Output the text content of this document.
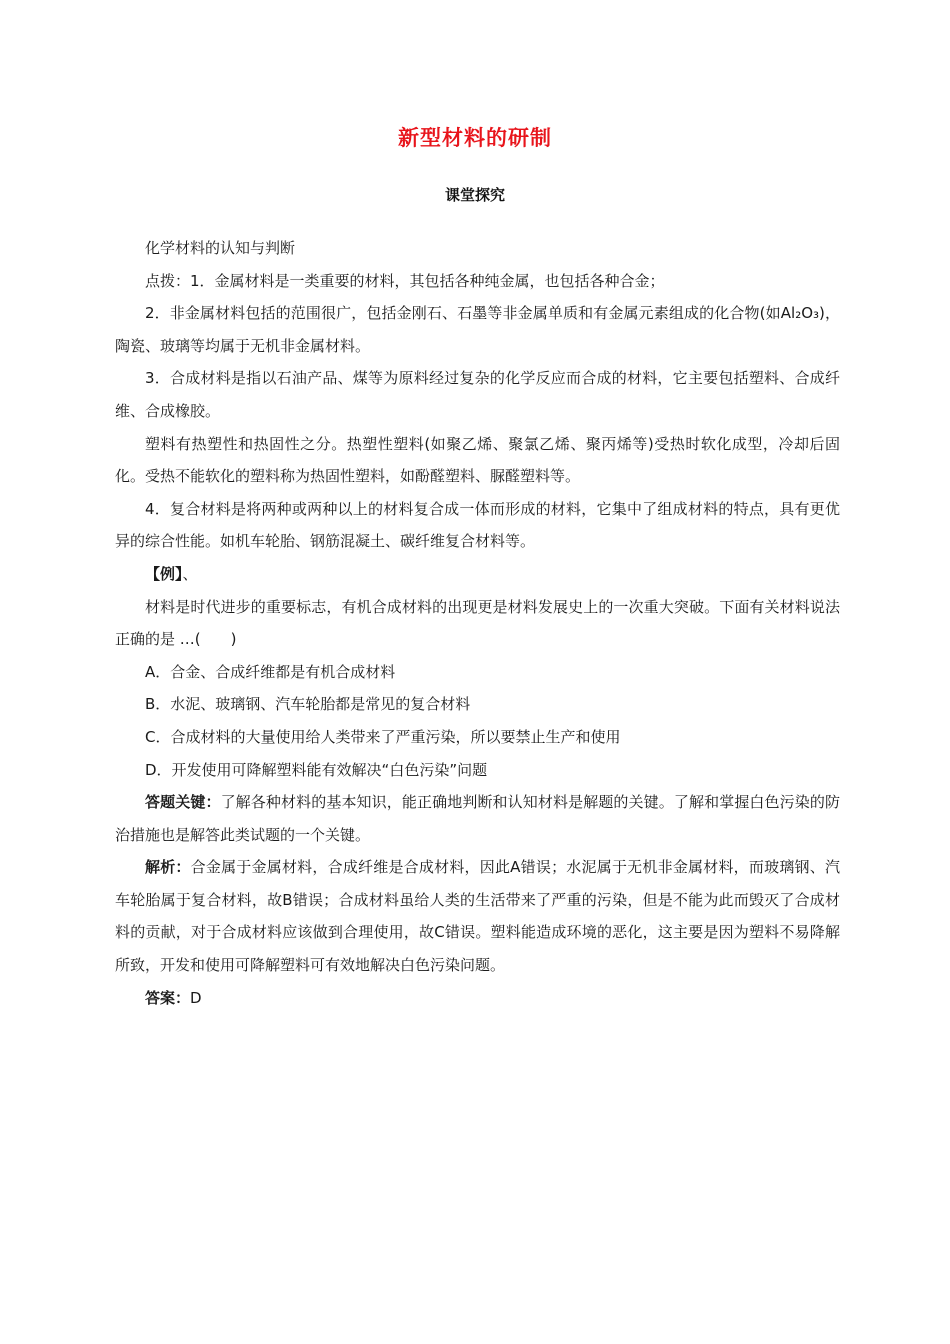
新型材料的研制
课堂探究

化学材料的认知与判断

点拨：1．金属材料是一类重要的材料，其包括各种纯金属，也包括各种合金；

2．非金属材料包括的范围很广，包括金刚石、石墨等非金属单质和有金属元素组成的化合物(如Al₂O₃)，陶瓷、玻璃等均属于无机非金属材料。

3．合成材料是指以石油产品、煤等为原料经过复杂的化学反应而合成的材料，它主要包括塑料、合成纤维、合成橡胶。

塑料有热塑性和热固性之分。热塑性塑料(如聚乙烯、聚氯乙烯、聚丙烯等)受热时软化成型，冷却后固化。受热不能软化的塑料称为热固性塑料，如酚醛塑料、脲醛塑料等。

4．复合材料是将两种或两种以上的材料复合成一体而形成的材料，它集中了组成材料的特点，具有更优异的综合性能。如机车轮胎、钢筋混凝土、碳纤维复合材料等。

【例】、

材料是时代进步的重要标志，有机合成材料的出现更是材料发展史上的一次重大突破。下面有关材料说法正确的是 …(　　)

A．合金、合成纤维都是有机合成材料

B．水泥、玻璃钢、汽车轮胎都是常见的复合材料

C．合成材料的大量使用给人类带来了严重污染，所以要禁止生产和使用

D．开发使用可降解塑料能有效解决“白色污染”问题

答题关键：了解各种材料的基本知识，能正确地判断和认知材料是解题的关键。了解和掌握白色污染的防治措施也是解答此类试题的一个关键。

解析：合金属于金属材料，合成纤维是合成材料，因此A错误；水泥属于无机非金属材料，而玻璃钢、汽车轮胎属于复合材料，故B错误；合成材料虽给人类的生活带来了严重的污染，但是不能为此而毁灭了合成材料的贡献，对于合成材料应该做到合理使用，故C错误。塑料能造成环境的恶化，这主要是因为塑料不易降解所致，开发和使用可降解塑料可有效地解决白色污染问题。

答案：D
